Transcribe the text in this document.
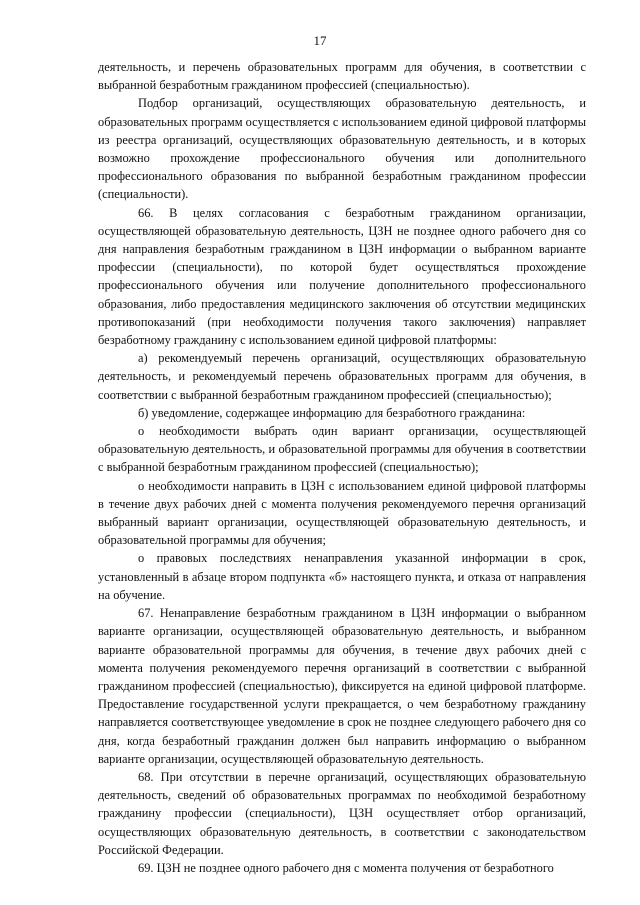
17

деятельность, и перечень образовательных программ для обучения, в соответствии с выбранной безработным гражданином профессией (специальностью).

Подбор организаций, осуществляющих образовательную деятельность, и образовательных программ осуществляется с использованием единой цифровой платформы из реестра организаций, осуществляющих образовательную деятельность, и в которых возможно прохождение профессионального обучения или дополнительного профессионального образования по выбранной безработным гражданином профессии (специальности).

66. В целях согласования с безработным гражданином организации, осуществляющей образовательную деятельность, ЦЗН не позднее одного рабочего дня со дня направления безработным гражданином в ЦЗН информации о выбранном варианте профессии (специальности), по которой будет осуществляться прохождение профессионального обучения или получение дополнительного профессионального образования, либо предоставления медицинского заключения об отсутствии медицинских противопоказаний (при необходимости получения такого заключения) направляет безработному гражданину с использованием единой цифровой платформы:

а) рекомендуемый перечень организаций, осуществляющих образовательную деятельность, и рекомендуемый перечень образовательных программ для обучения, в соответствии с выбранной безработным гражданином профессией (специальностью);

б) уведомление, содержащее информацию для безработного гражданина:

о необходимости выбрать один вариант организации, осуществляющей образовательную деятельность, и образовательной программы для обучения в соответствии с выбранной безработным гражданином профессией (специальностью);

о необходимости направить в ЦЗН с использованием единой цифровой платформы в течение двух рабочих дней с момента получения рекомендуемого перечня организаций выбранный вариант организации, осуществляющей образовательную деятельность, и образовательной программы для обучения;

о правовых последствиях ненаправления указанной информации в срок, установленный в абзаце втором подпункта «б» настоящего пункта, и отказа от направления на обучение.

67. Ненаправление безработным гражданином в ЦЗН информации о выбранном варианте организации, осуществляющей образовательную деятельность, и выбранном варианте образовательной программы для обучения, в течение двух рабочих дней с момента получения рекомендуемого перечня организаций в соответствии с выбранной гражданином профессией (специальностью), фиксируется на единой цифровой платформе. Предоставление государственной услуги прекращается, о чем безработному гражданину направляется соответствующее уведомление в срок не позднее следующего рабочего дня со дня, когда безработный гражданин должен был направить информацию о выбранном варианте организации, осуществляющей образовательную деятельность.

68. При отсутствии в перечне организаций, осуществляющих образовательную деятельность, сведений об образовательных программах по необходимой безработному гражданину профессии (специальности), ЦЗН осуществляет отбор организаций, осуществляющих образовательную деятельность, в соответствии с законодательством Российской Федерации.

69. ЦЗН не позднее одного рабочего дня с момента получения от безработного
